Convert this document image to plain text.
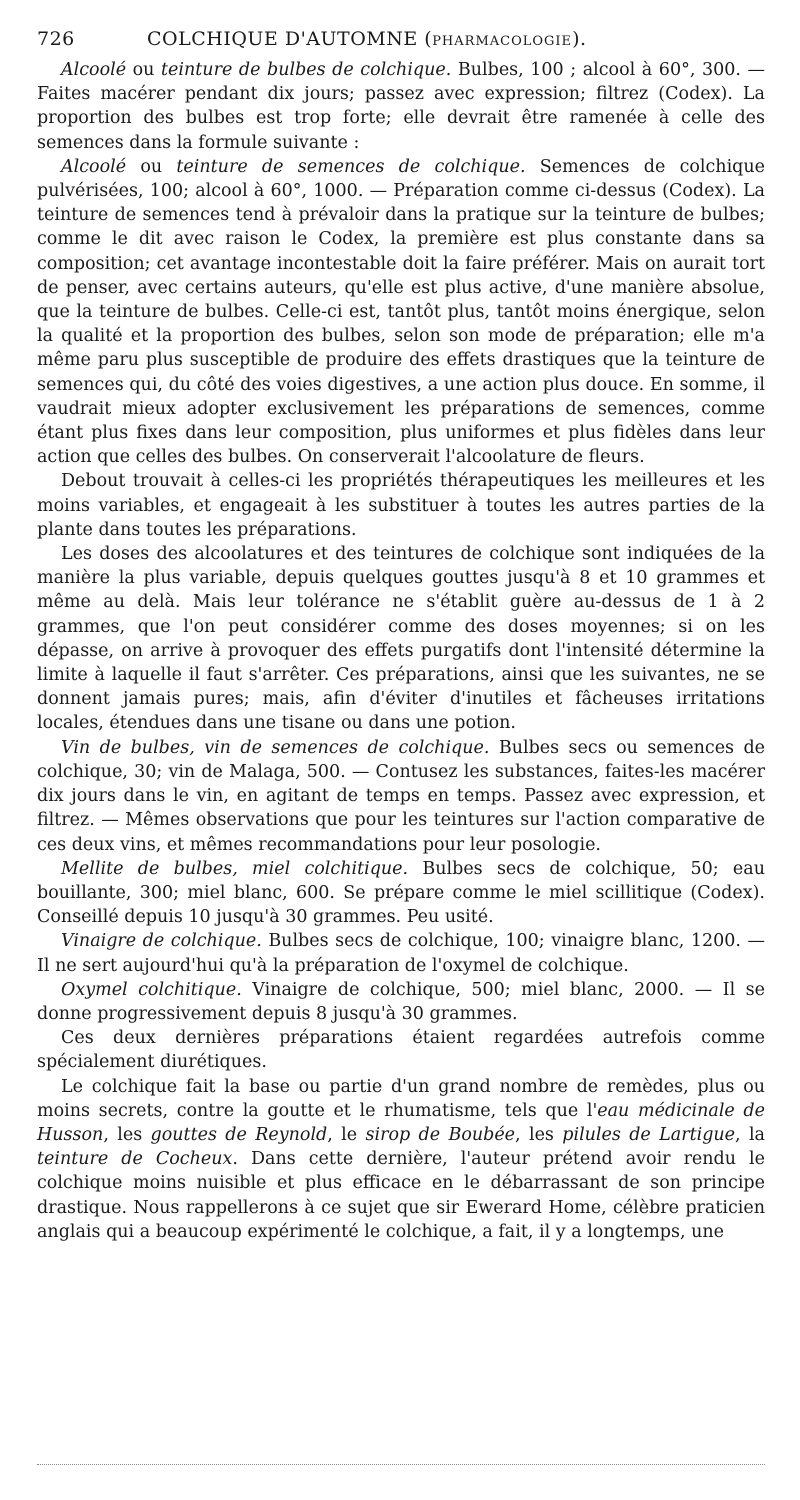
726	COLCHIQUE D'AUTOMNE (PHARMACOLOGIE).

Alcoolé ou teinture de bulbes de colchique. Bulbes, 100 ; alcool à 60°, 300. — Faites macérer pendant dix jours; passez avec expression; filtrez (Codex). La proportion des bulbes est trop forte; elle devrait être ramenée à celle des semences dans la formule suivante :

Alcoolé ou teinture de semences de colchique. Semences de colchique pulvérisées, 100; alcool à 60°, 1000. — Préparation comme ci-dessus (Codex). La teinture de semences tend à prévaloir dans la pratique sur la teinture de bulbes; comme le dit avec raison le Codex, la première est plus constante dans sa composition; cet avantage incontestable doit la faire préférer. Mais on aurait tort de penser, avec certains auteurs, qu'elle est plus active, d'une manière absolue, que la teinture de bulbes. Celle-ci est, tantôt plus, tantôt moins énergique, selon la qualité et la proportion des bulbes, selon son mode de préparation; elle m'a même paru plus susceptible de produire des effets drastiques que la teinture de semences qui, du côté des voies digestives, a une action plus douce. En somme, il vaudrait mieux adopter exclusivement les préparations de semences, comme étant plus fixes dans leur composition, plus uniformes et plus fidèles dans leur action que celles des bulbes. On conserverait l'alcoolature de fleurs.

Debout trouvait à celles-ci les propriétés thérapeutiques les meilleures et les moins variables, et engageait à les substituer à toutes les autres parties de la plante dans toutes les préparations.

Les doses des alcoolatures et des teintures de colchique sont indiquées de la manière la plus variable, depuis quelques gouttes jusqu'à 8 et 10 grammes et même au delà. Mais leur tolérance ne s'établit guère au-dessus de 1 à 2 grammes, que l'on peut considérer comme des doses moyennes; si on les dépasse, on arrive à provoquer des effets purgatifs dont l'intensité détermine la limite à laquelle il faut s'arrêter. Ces préparations, ainsi que les suivantes, ne se donnent jamais pures; mais, afin d'éviter d'inutiles et fâcheuses irritations locales, étendues dans une tisane ou dans une potion.

Vin de bulbes, vin de semences de colchique. Bulbes secs ou semences de colchique, 30; vin de Malaga, 500. — Contusez les substances, faites-les macérer dix jours dans le vin, en agitant de temps en temps. Passez avec expression, et filtrez. — Mêmes observations que pour les teintures sur l'action comparative de ces deux vins, et mêmes recommandations pour leur posologie.

Mellite de bulbes, miel colchitique. Bulbes secs de colchique, 50; eau bouillante, 300; miel blanc, 600. Se prépare comme le miel scillitique (Codex). Conseillé depuis 10 jusqu'à 30 grammes. Peu usité.

Vinaigre de colchique. Bulbes secs de colchique, 100; vinaigre blanc, 1200. — Il ne sert aujourd'hui qu'à la préparation de l'oxymel de colchique.

Oxymel colchitique. Vinaigre de colchique, 500; miel blanc, 2000. — Il se donne progressivement depuis 8 jusqu'à 30 grammes.

Ces deux dernières préparations étaient regardées autrefois comme spécialement diurétiques.

Le colchique fait la base ou partie d'un grand nombre de remèdes, plus ou moins secrets, contre la goutte et le rhumatisme, tels que l'eau médicinale de Husson, les gouttes de Reynold, le sirop de Boubée, les pilules de Lartigue, la teinture de Cocheux. Dans cette dernière, l'auteur prétend avoir rendu le colchique moins nuisible et plus efficace en le débarrassant de son principe drastique. Nous rappellerons à ce sujet que sir Ewerard Home, célèbre praticien anglais qui a beaucoup expérimenté le colchique, a fait, il y a longtemps, une
